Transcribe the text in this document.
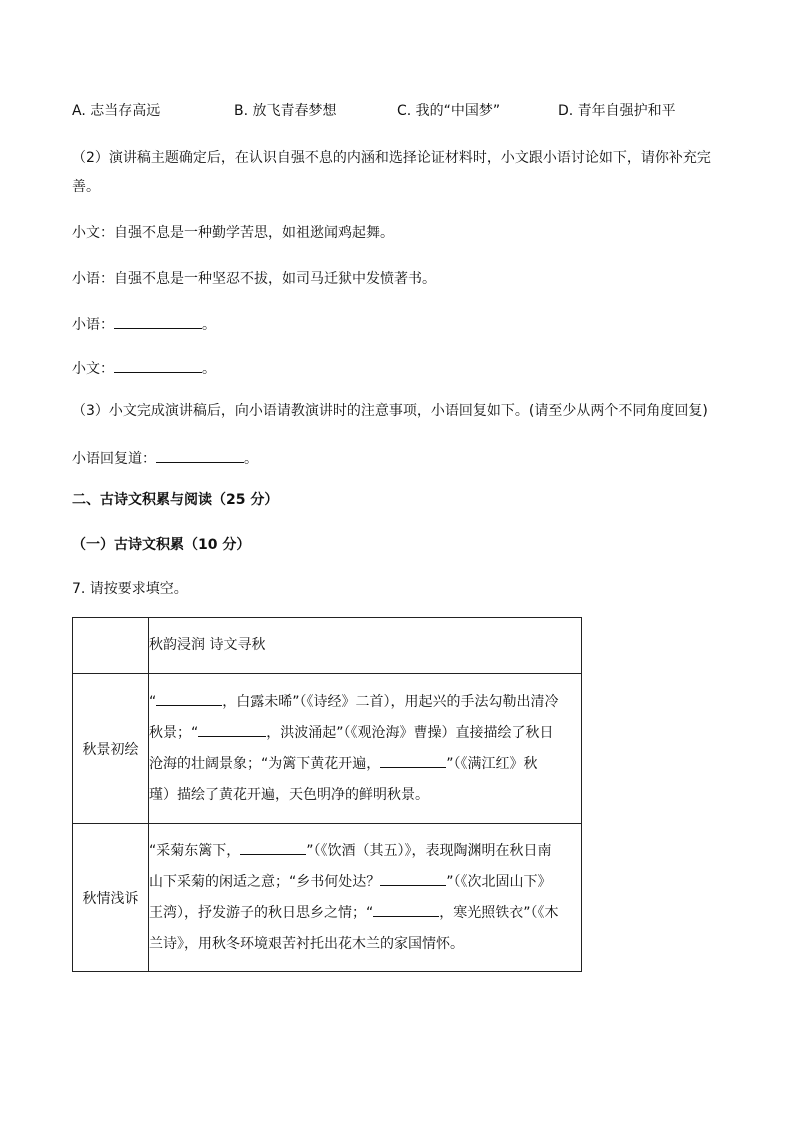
A. 志当存高远	B. 放飞青春梦想	C. 我的“中国梦”	D. 青年自强护和平
（2）演讲稿主题确定后，在认识自强不息的内涵和选择论证材料时，小文跟小语讨论如下，请你补充完
善。
小文：自强不息是一种勤学苦思，如祖逖闻鸡起舞。
小语：自强不息是一种坚忍不拔，如司马迁狱中发愤著书。
小语：	。
小文：	。
（3）小文完成演讲稿后，向小语请教演讲时的注意事项，小语回复如下。(请至少从两个不同角度回复)
小语回复道：	。
二、古诗文积累与阅读（25 分）
（一）古诗文积累（10 分）
7. 请按要求填空。
	秋韵浸润 诗文寻秋
秋景初绘	“ ，白露未晞”（《诗经》二首），用起兴的手法勾勒出清冷
秋景；“ ，洪波涌起”（《观沧海》曹操）直接描绘了秋日
沧海的壮阔景象；“为篱下黄花开遍， ”（《满江红》秋
瑾）描绘了黄花开遍，天色明净的鲜明秋景。
秋情浅诉	“采菊东篱下， ”（《饮酒（其五）》，表现陶渊明在秋日南
山下采菊的闲适之意；“乡书何处达？ ”（《次北固山下》
王湾），抒发游子的秋日思乡之情；“ ，寒光照铁衣”（《木
兰诗》，用秋冬环境艰苦衬托出花木兰的家国情怀。
